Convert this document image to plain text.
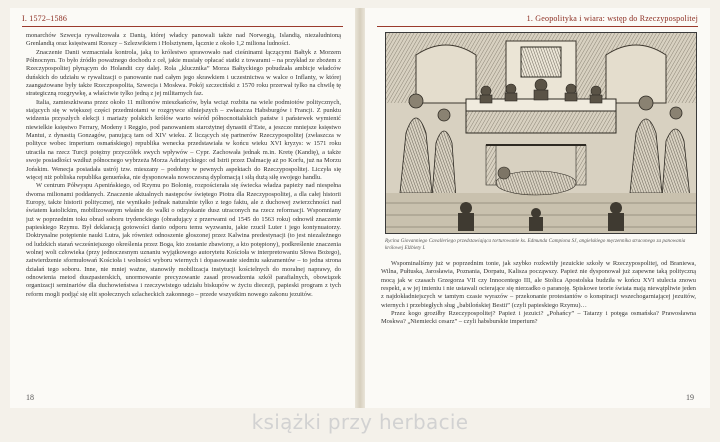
I. 1572–1586

monarchów Szwecja rywalizowała z Danią, której władcy panowali także nad Norwegią, Islandią, niezaludnioną Grenlandią oraz księstwami Rzeszy – Szlezwikiem i Holsztynem, łącznie z około 1,2 miliona ludności.

Znaczenie Danii wzmacniała kontrola, jaką to królestwo sprawowało nad cieśninami łączącymi Bałtyk z Morzem Północnym. To było źródło poważnego dochodu z ceł, jakie musiały opłacać statki z towarami – na przykład ze zbożem z Rzeczypospolitej płynącym do Holandii czy dalej. Rola „klucznika” Morza Bałtyckiego pobudzała ambicje władców duńskich do udziału w rywalizacji o panowanie nad całym jego skrawkiem i uczestnictwa w walce o Inflanty, w której zaangażowane były także Rzeczpospolita, Szwecja i Moskwa. Pokój szczeciński z 1570 roku przerwał tylko na chwilę tę strategiczną rozgrywkę, a właściwie tylko jedną z jej militarnych faz.

Italia, zamieszkiwana przez około 11 milionów mieszkańców, była wciąż rozbita na wiele podmiotów politycznych, stających się w większej części przedmiotami w rozgrywce silniejszych – zwłaszcza Habsburgów i Francji. Z punktu widzenia przyszłych elekcji i mariaży polskich królów warto wśród północnoitalskich państw i państewek wymienić niewielkie księstwo Ferrary, Modeny i Reggio, pod panowaniem starożytnej dynastii d’Este, a jeszcze mniejsze księstwo Mantui, z dynastią Gonzagów, panującą tam od XIV wieku. Z liczących się partnerów Rzeczypospolitej (zwłaszcza w polityce wobec imperium osmańskiego) republika wenecka przedstawiała w końcu wieku XVI kryzys: w 1571 roku utraciła na rzecz Turcji potężny przyczółek swych wpływów – Cypr. Zachowała jednak m.in. Kretę (Kandię), a także swoje posiadłości wzdłuż północnego wybrzeża Morza Adriatyckiego: od Istrii przez Dalmację aż po Korfu, już na Morzu Jońskim. Wenecja posiadała ustrój tzw. mieszany – podobny w pewnych aspektach do Rzeczypospolitej. Liczyła się więcej niż pobliska republika genueńska, nie dysponowała nowoczesną dyplomacją i siłą dużą siłę swojego handlu.

W centrum Półwyspu Apenińskiego, od Rzymu po Bolonię, rozpościerała się świecka władza papieży nad niespełna dwoma milionami poddanych. Znaczenie aktualnych następców świętego Piotra dla Rzeczypospolitej, a dla całej historii Europy, także historii politycznej, nie wynikało jednak naturalnie tylko z tego faktu, ale z duchowej zwierzchności nad światem katolickim, mobilizowanym właśnie do walki o odzyskanie dusz utraconych na rzecz reformacji. Wspomniany już w poprzednim toku obrad soboru trydenckiego (obradujący z przerwami od 1545 do 1563 roku) odnowił znaczenie papieskiego Rzymu. Był deklaracją gotowości danio odporu temu wyzwaniu, jakie rzucił Luter i jego kontynuatorzy. Doktrynalne potępienie nauki Lutra, jak również odnoszenie głoszonej przez Kalwina predestynacji (to jest niezależnego od ludzkich starań wcześniejszego określenia przez Boga, kto zostanie zbawiony, a kto potępiony), podkreślenie znaczenia wolnej woli człowieka (przy jednoczesnym uznaniu wyjątkowego autorytetu Kościoła w interpretowaniu Słowa Bożego), zatwierdzenie sformułowań Kościoła i wolności wyboru wiernych i dopasowanie siedmiu sakramentów – to jedna strona działań tego soboru. Inne, nie mniej ważne, stanowiły mobilizacja instytucji kościelnych do moralnej naprawy, do odnowienia metod duszpasterskich, unormowanie precyzowanie zasad prowadzenia szkół parafialnych, obowiązek organizacji seminariów dla duchowieństwa i rzeczywistego udziału biskupów w życiu diecezji, papieski program z tych reform mogli podjąć się elit społecznych szlacheckich zakonnego – przede wszystkim nowego zakonu jezuitów.

18
1. Geopolityka i wiara: wstęp do Rzeczypospolitej
Rycina Giovanniego Cavalleriego przedstawiająca torturowanie ks. Edmunda Campiona SJ, angielskiego męczennika straconego za panowania królowej Elżbiety I.

Wspominaliśmy już w poprzednim tonie, jak szybko rozkwitły jezuickie szkoły w Rzeczypospolitej, od Braniewa, Wilna, Pułtuska, Jarosławia, Poznania, Dorpatu, Kalisza począwszy. Papież nie dysponował już zapewne taką polityczną mocą jak w czasach Grzegorza VII czy Innocentego III, ale Stolica Apostolska budziła w końcu XVI stulecia znowu respekt, a w jej imieniu i nie ustawali ocierające się nierzadko o paranoję. Spiskowe teorie świata mają niewątpliwie jeden z najdokładniejszych w tamtym czasie wyrazów – przekonanie protestantów o konspiracji wszechogarniającej jezuitów, wiernych i przebiegłych sług „babilońskiej Bestii” (czyli papieskiego Rzymu)…

Przez kogo groziłby Rzeczypospolitej? Papież i jezuici? „Pohańcy” – Tatarzy i potęga osmańska? Prawosławna Moskwa? „Niemiecki cesarz” – czyli habsburskie imperium?

19
książki przy herbacie
